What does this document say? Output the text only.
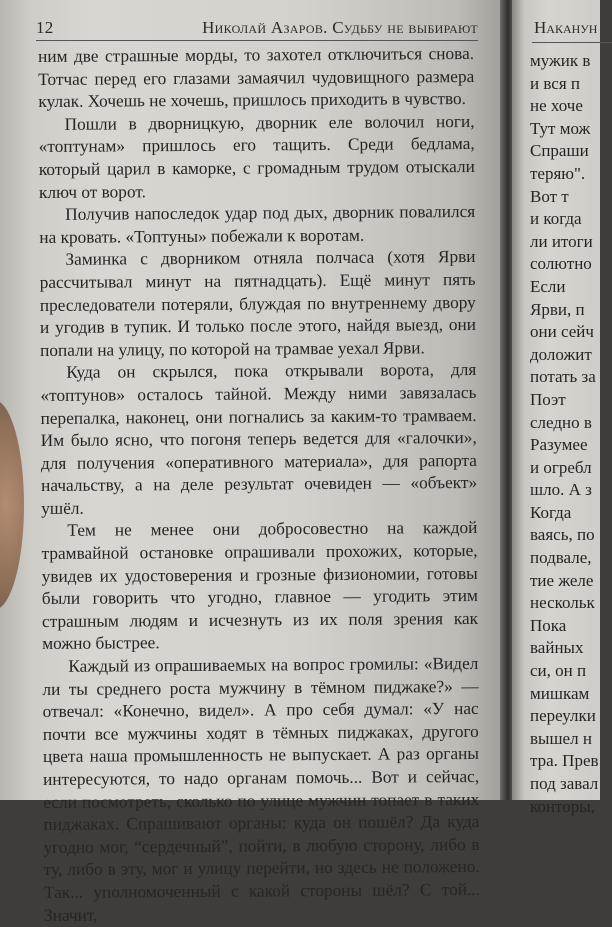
12	Николай Азаров. Судьбу не выбирают

ним две страшные морды, то захотел отключиться снова. Тотчас перед его глазами замаячил чудовищного размера кулак. Хочешь не хочешь, пришлось приходить в чувство.

Пошли в дворницкую, дворник еле волочил ноги, «топтунам» пришлось его тащить. Среди бедлама, который царил в каморке, с громадным трудом отыскали ключ от ворот.

Получив напоследок удар под дых, дворник повалился на кровать. «Топтуны» побежали к воротам.

Заминка с дворником отняла полчаса (хотя Ярви рассчитывал минут на пятнадцать). Ещё минут пять преследователи потеряли, блуждая по внутреннему двору и угодив в тупик. И только после этого, найдя выезд, они попали на улицу, по которой на трамвае уехал Ярви.

Куда он скрылся, пока открывали ворота, для «топтунов» осталось тайной. Между ними завязалась перепалка, наконец, они погнались за каким-то трамваем. Им было ясно, что погоня теперь ведется для «галочки», для получения «оперативного материала», для рапорта начальству, а на деле результат очевиден — «объект» ушёл.

Тем не менее они добросовестно на каждой трамвайной остановке опрашивали прохожих, которые, увидев их удостоверения и грозные физиономии, готовы были говорить что угодно, главное — угодить этим страшным людям и исчезнуть из их поля зрения как можно быстрее.

Каждый из опрашиваемых на вопрос громилы: «Видел ли ты среднего роста мужчину в тёмном пиджаке?» — отвечал: «Конечно, видел». А про себя думал: «У нас почти все мужчины ходят в тёмных пиджаках, другого цвета наша промышленность не выпускает. А раз органы интересуются, то надо органам помочь... Вот и сейчас, если посмотреть, сколько по улице мужчин топает в таких пиджаках. Спрашивают органы: куда он пошёл? Да куда угодно мог, “сердечный”, пойти, в любую сторону, либо в ту, либо в эту, мог и улицу перейти, но здесь не положено. Так... уполномоченный с какой стороны шёл? С той... Значит,

Наканун
мужик в
и вся п
не хоче
Тут мож
Спраши
теряю".
Вот т
и когда
ли итоги
солютно
Если
Ярви, п
они сейч
доложит
потать за
Поэт
следно в
Разумее
и огребл
шло. А з
Когда
ваясь, по
подвале,
тие желе
нескольк
Пока
вайных
си, он п
мишкам
переулки
вышел н
тра. Прев
под завал
конторы,
